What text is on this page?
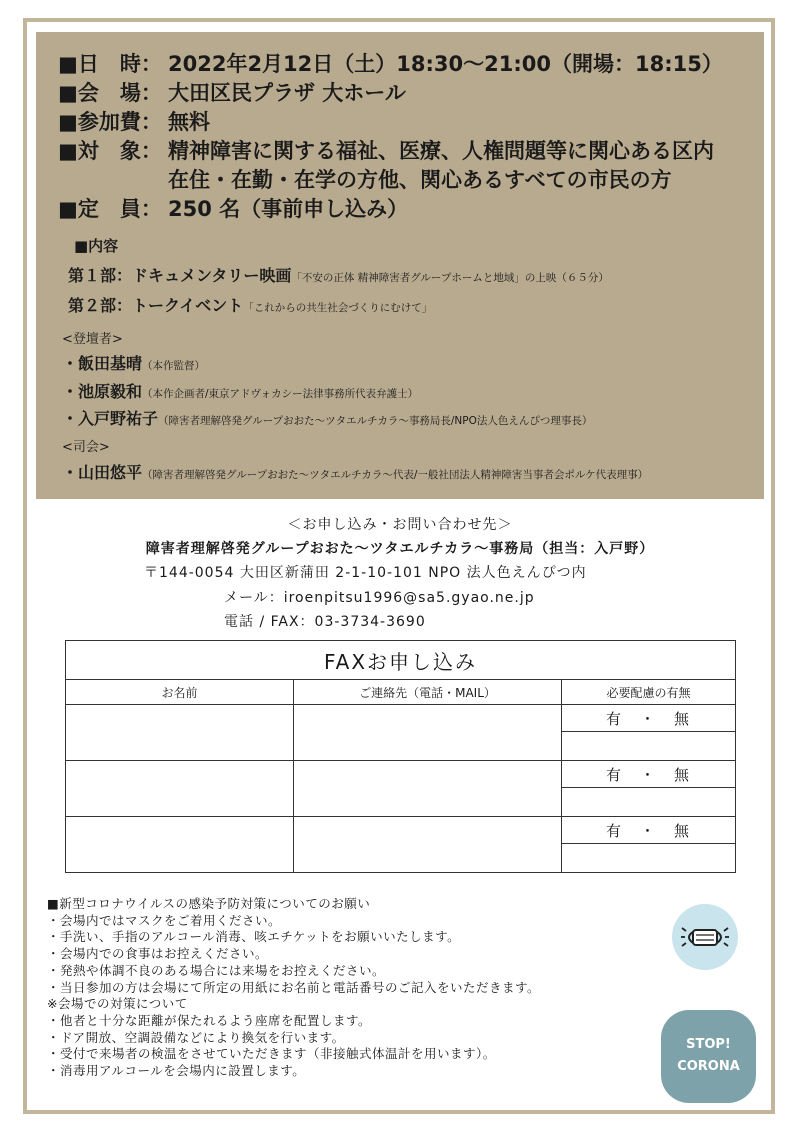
■日　時： 2022年2月12日（土）18:30〜21:00（開場：18:15）
■会　場： 大田区民プラザ 大ホール
■参加費： 無料
■対　象： 精神障害に関する福祉、医療、人権問題等に関心ある区内
在住・在勤・在学の方他、関心あるすべての市民の方
■定　員： 250 名（事前申し込み）
■内容
第１部：ドキュメンタリー映画「不安の正体 精神障害者グループホームと地域」の上映（６５分）
第２部：トークイベント「これからの共生社会づくりにむけて」
<登壇者>
・飯田基晴（本作監督）
・池原毅和（本作企画者/東京アドヴォカシー法律事務所代表弁護士）
・入戸野祐子（障害者理解啓発グループおおた〜ツタエルチカラ〜事務局長/NPO法人色えんぴつ理事長）
<司会>
・山田悠平（障害者理解啓発グループおおた〜ツタエルチカラ〜代表/一般社団法人精神障害当事者会ポルケ代表理事）
＜お申し込み・お問い合わせ先＞
障害者理解啓発グループおおた〜ツタエルチカラ〜事務局（担当：入戸野）
〒144-0054 大田区新蒲田 2-1-10-101 NPO 法人色えんぴつ内
メール：iroenpitsu1996@sa5.gyao.ne.jp
電話 / FAX：03-3734-3690
FAXお申し込み		
お名前	ご連絡先（電話・MAIL）	必要配慮の有無
		有　・　無

		有　・　無

		有　・　無

■新型コロナウイルスの感染予防対策についてのお願い
・会場内ではマスクをご着用ください。
・手洗い、手指のアルコール消毒、咳エチケットをお願いいたします。
・会場内での食事はお控えください。
・発熱や体調不良のある場合には来場をお控えください。
・当日参加の方は会場にて所定の用紙にお名前と電話番号のご記入をいただきます。
※会場での対策について
・他者と十分な距離が保たれるよう座席を配置します。
・ドア開放、空調設備などにより換気を行います。
・受付で来場者の検温をさせていただきます（非接触式体温計を用います）。
・消毒用アルコールを会場内に設置します。
STOP!
CORONA
